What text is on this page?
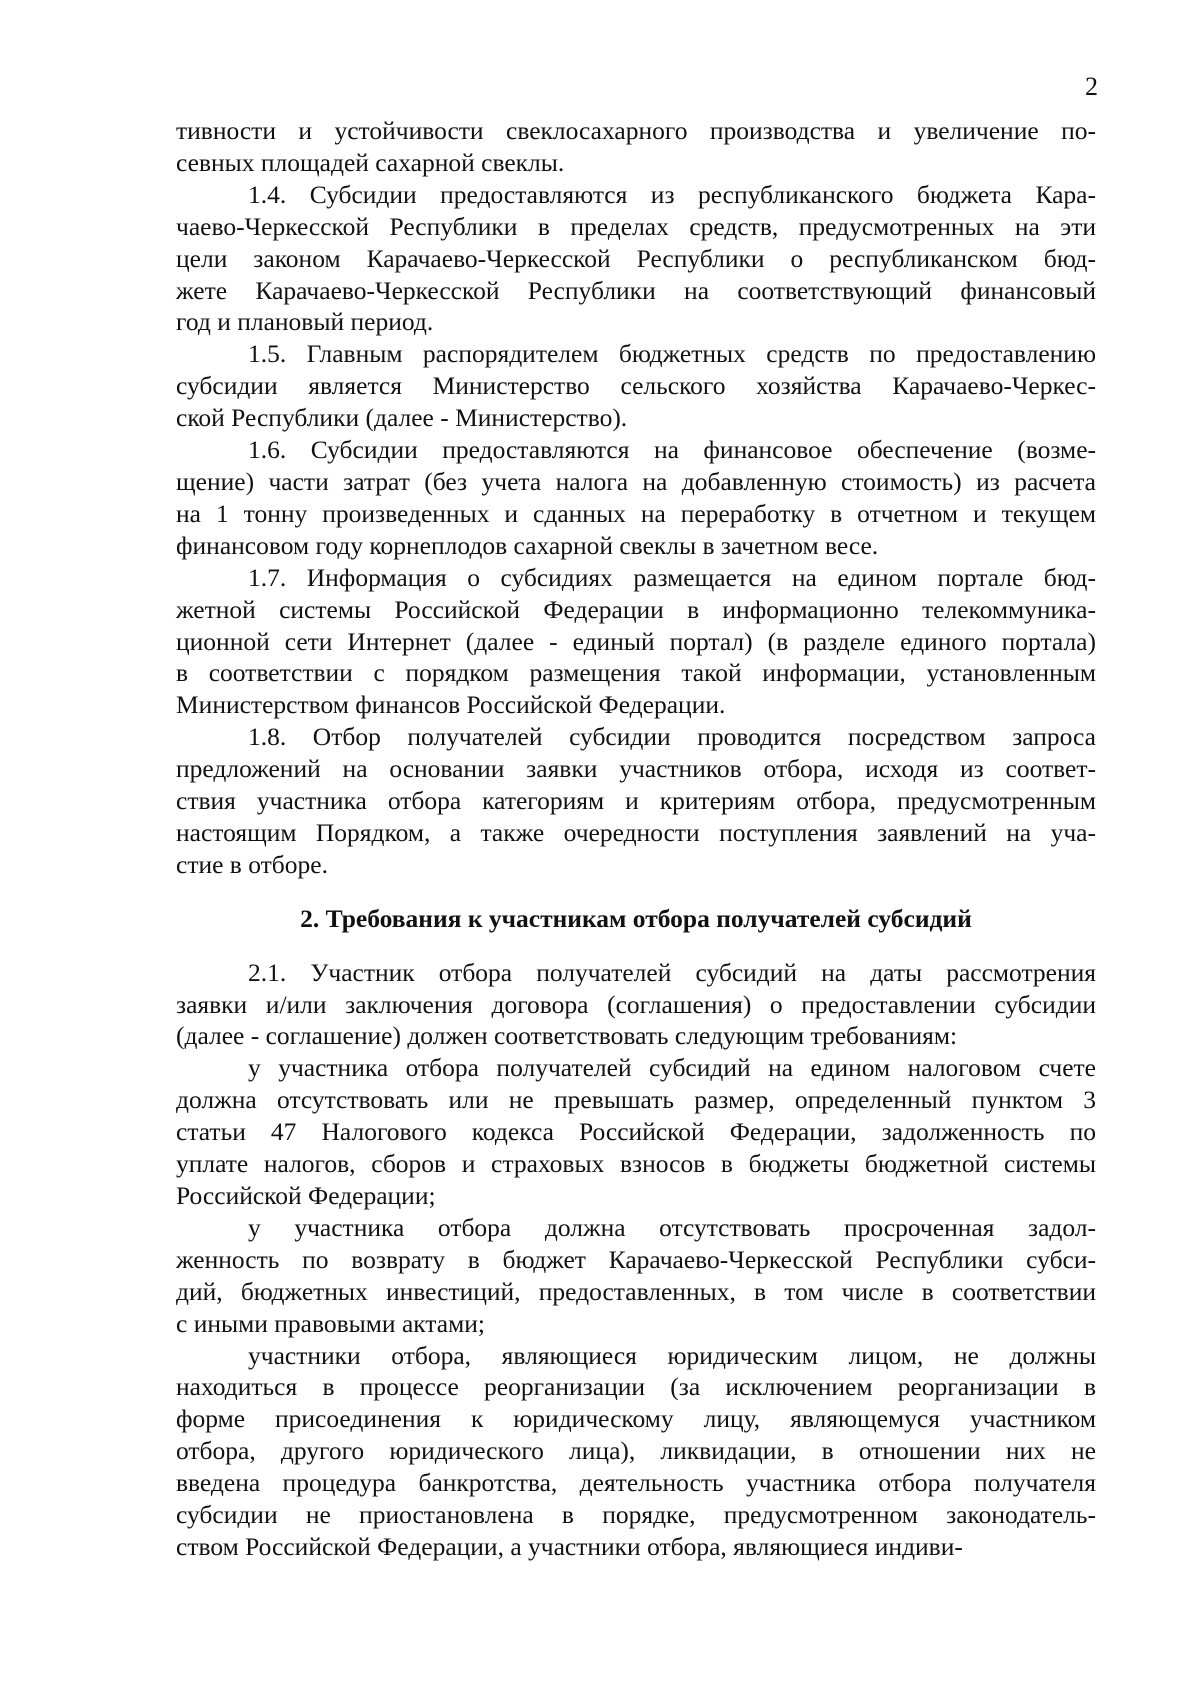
2

тивности и устойчивости свеклосахарного производства и увеличение по-
севных площадей сахарной свеклы.

1.4. Субсидии предоставляются из республиканского бюджета Кара-
чаево-Черкесской Республики в пределах средств, предусмотренных на эти
цели законом Карачаево-Черкесской Республики о республиканском бюд-
жете Карачаево-Черкесской Республики на соответствующий финансовый
год и плановый период.

1.5. Главным распорядителем бюджетных средств по предоставлению
субсидии является Министерство сельского хозяйства Карачаево-Черкес-
ской Республики (далее - Министерство).

1.6. Субсидии предоставляются на финансовое обеспечение (возме-
щение) части затрат (без учета налога на добавленную стоимость) из расчета
на 1 тонну произведенных и сданных на переработку в отчетном и текущем
финансовом году корнеплодов сахарной свеклы в зачетном весе.

1.7. Информация о субсидиях размещается на едином портале бюд-
жетной системы Российской Федерации в информационно телекоммуника-
ционной сети Интернет (далее - единый портал) (в разделе единого портала)
в соответствии с порядком размещения такой информации, установленным
Министерством финансов Российской Федерации.

1.8. Отбор получателей субсидии проводится посредством запроса
предложений на основании заявки участников отбора, исходя из соответ-
ствия участника отбора категориям и критериям отбора, предусмотренным
настоящим Порядком, а также очередности поступления заявлений на уча-
стие в отборе.

2. Требования к участникам отбора получателей субсидий

2.1. Участник отбора получателей субсидий на даты рассмотрения
заявки и/или заключения договора (соглашения) о предоставлении субсидии
(далее - соглашение) должен соответствовать следующим требованиям:

у участника отбора получателей субсидий на едином налоговом счете
должна отсутствовать или не превышать размер, определенный пунктом 3
статьи 47 Налогового кодекса Российской Федерации, задолженность по
уплате налогов, сборов и страховых взносов в бюджеты бюджетной системы
Российской Федерации;

у участника отбора должна отсутствовать просроченная задол-
женность по возврату в бюджет Карачаево-Черкесской Республики субси-
дий, бюджетных инвестиций, предоставленных, в том числе в соответствии
с иными правовыми актами;

участники отбора, являющиеся юридическим лицом, не должны
находиться в процессе реорганизации (за исключением реорганизации в
форме присоединения к юридическому лицу, являющемуся участником
отбора, другого юридического лица), ликвидации, в отношении них не
введена процедура банкротства, деятельность участника отбора получателя
субсидии не приостановлена в порядке, предусмотренном законодатель-
ством Российской Федерации, а участники отбора, являющиеся индиви-
